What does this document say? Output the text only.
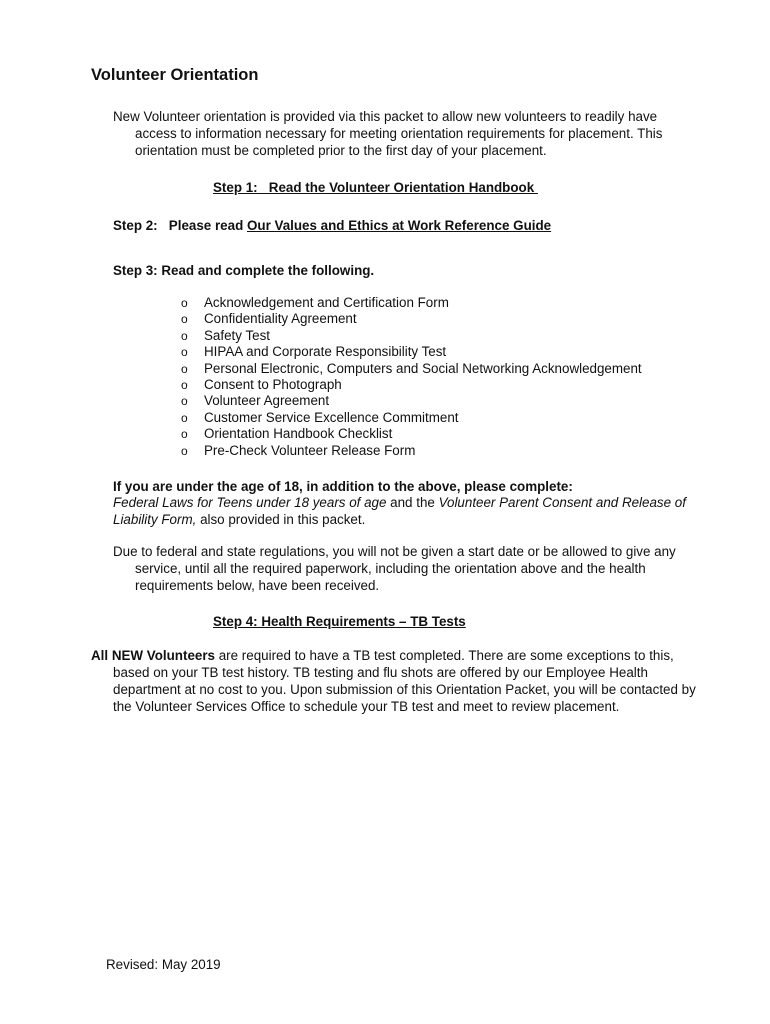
Volunteer Orientation
New Volunteer orientation is provided via this packet to allow new volunteers to readily have access to information necessary for meeting orientation requirements for placement. This orientation must be completed prior to the first day of your placement.
Step 1:   Read the Volunteer Orientation Handbook
Step 2:   Please read Our Values and Ethics at Work Reference Guide
Step 3: Read and complete the following.
o Acknowledgement and Certification Form
o Confidentiality Agreement
o Safety Test
o HIPAA and Corporate Responsibility Test
o Personal Electronic, Computers and Social Networking Acknowledgement
o Consent to Photograph
o Volunteer Agreement
o Customer Service Excellence Commitment
o Orientation Handbook Checklist
o Pre-Check Volunteer Release Form
If you are under the age of 18, in addition to the above, please complete:
Federal Laws for Teens under 18 years of age and the Volunteer Parent Consent and Release of Liability Form, also provided in this packet.
Due to federal and state regulations, you will not be given a start date or be allowed to give any service, until all the required paperwork, including the orientation above and the health requirements below, have been received.
Step 4: Health Requirements – TB Tests
All NEW Volunteers are required to have a TB test completed. There are some exceptions to this, based on your TB test history. TB testing and flu shots are offered by our Employee Health department at no cost to you. Upon submission of this Orientation Packet, you will be contacted by the Volunteer Services Office to schedule your TB test and meet to review placement.
Revised: May 2019
